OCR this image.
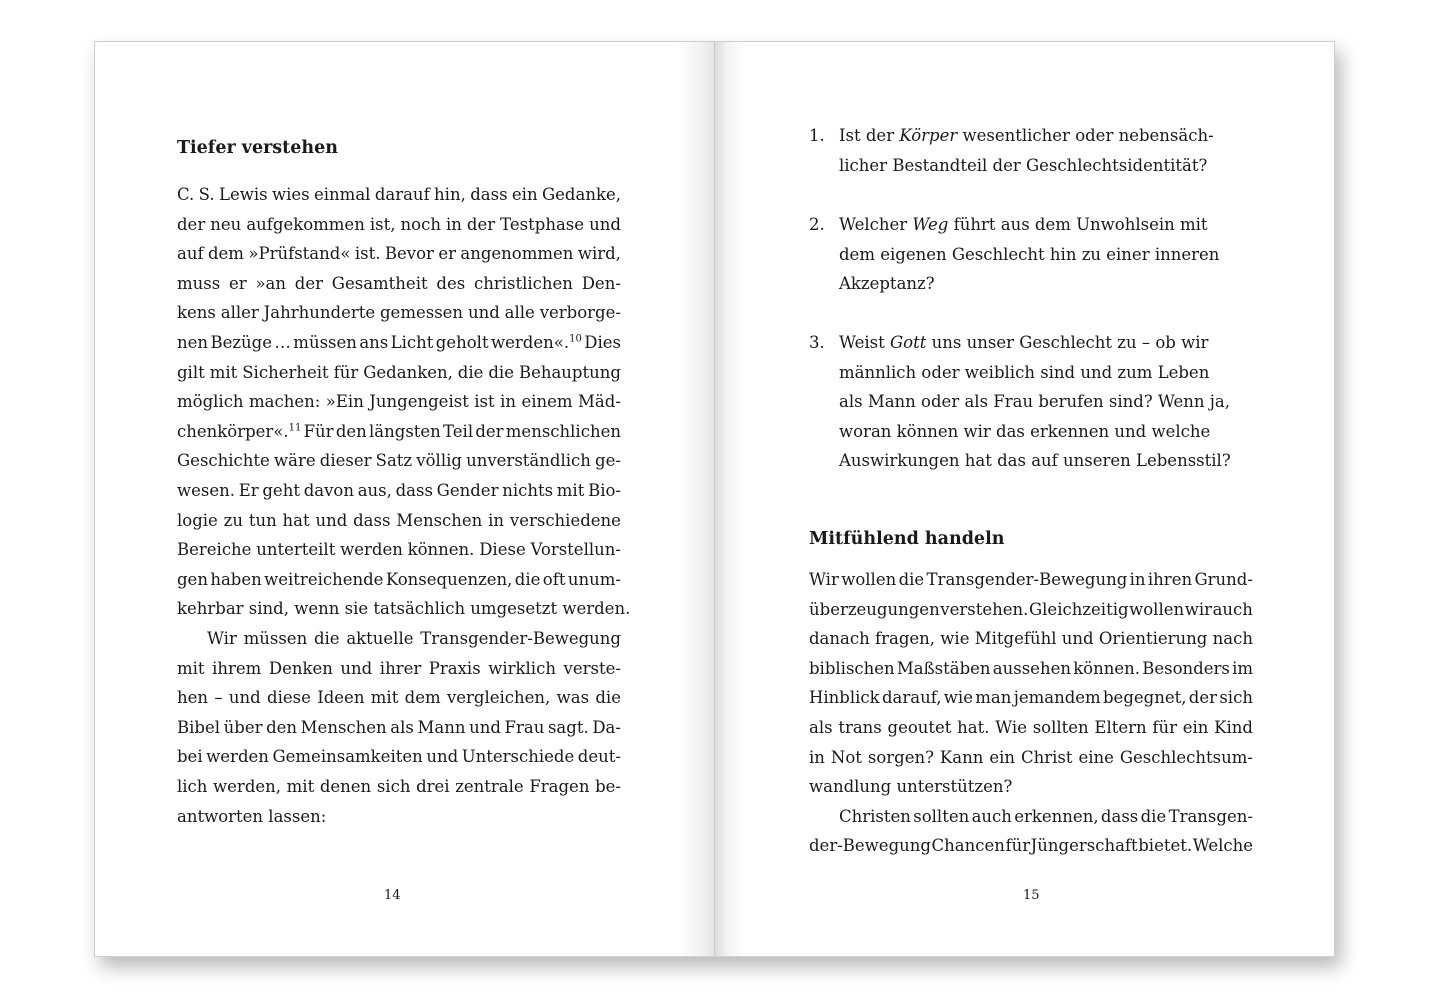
Tiefer verstehen
C. S. Lewis wies einmal darauf hin, dass ein Gedanke,
der neu aufgekommen ist, noch in der Testphase und
auf dem »Prüfstand« ist. Bevor er angenommen wird,
muss er »an der Gesamtheit des christlichen Den-
kens aller Jahrhunderte gemessen und alle verborge-
nen Bezüge … müssen ans Licht geholt werden«.$^{10}$ Dies
gilt mit Sicherheit für Gedanken, die die Behauptung
möglich machen: »Ein Jungengeist ist in einem Mäd-
chenkörper«.$^{11}$ Für den längsten Teil der menschlichen
Geschichte wäre dieser Satz völlig unverständlich ge-
wesen. Er geht davon aus, dass Gender nichts mit Bio-
logie zu tun hat und dass Menschen in verschiedene
Bereiche unterteilt werden können. Diese Vorstellun-
gen haben weitreichende Konsequenzen, die oft unum-
kehrbar sind, wenn sie tatsächlich umgesetzt werden.
Wir müssen die aktuelle Transgender-Bewegung
mit ihrem Denken und ihrer Praxis wirklich verste-
hen – und diese Ideen mit dem vergleichen, was die
Bibel über den Menschen als Mann und Frau sagt. Da-
bei werden Gemeinsamkeiten und Unterschiede deut-
lich werden, mit denen sich drei zentrale Fragen be-
antworten lassen:
14
1. Ist der Körper wesentlicher oder nebensäch-
licher Bestandteil der Geschlechtsidentität?
2. Welcher Weg führt aus dem Unwohlsein mit
dem eigenen Geschlecht hin zu einer inneren
Akzeptanz?
3. Weist Gott uns unser Geschlecht zu – ob wir
männlich oder weiblich sind und zum Leben
als Mann oder als Frau berufen sind? Wenn ja,
woran können wir das erkennen und welche
Auswirkungen hat das auf unseren Lebensstil?
Mitfühlend handeln
Wir wollen die Transgender-Bewegung in ihren Grund-
überzeugungen verstehen. Gleichzeitig wollen wir auch
danach fragen, wie Mitgefühl und Orientierung nach
biblischen Maßstäben aussehen können. Besonders im
Hinblick darauf, wie man jemandem begegnet, der sich
als trans geoutet hat. Wie sollten Eltern für ein Kind
in Not sorgen? Kann ein Christ eine Geschlechtsum-
wandlung unterstützen?
Christen sollten auch erkennen, dass die Transgen-
der-Bewegung Chancen für Jüngerschaft bietet. Welche
15
